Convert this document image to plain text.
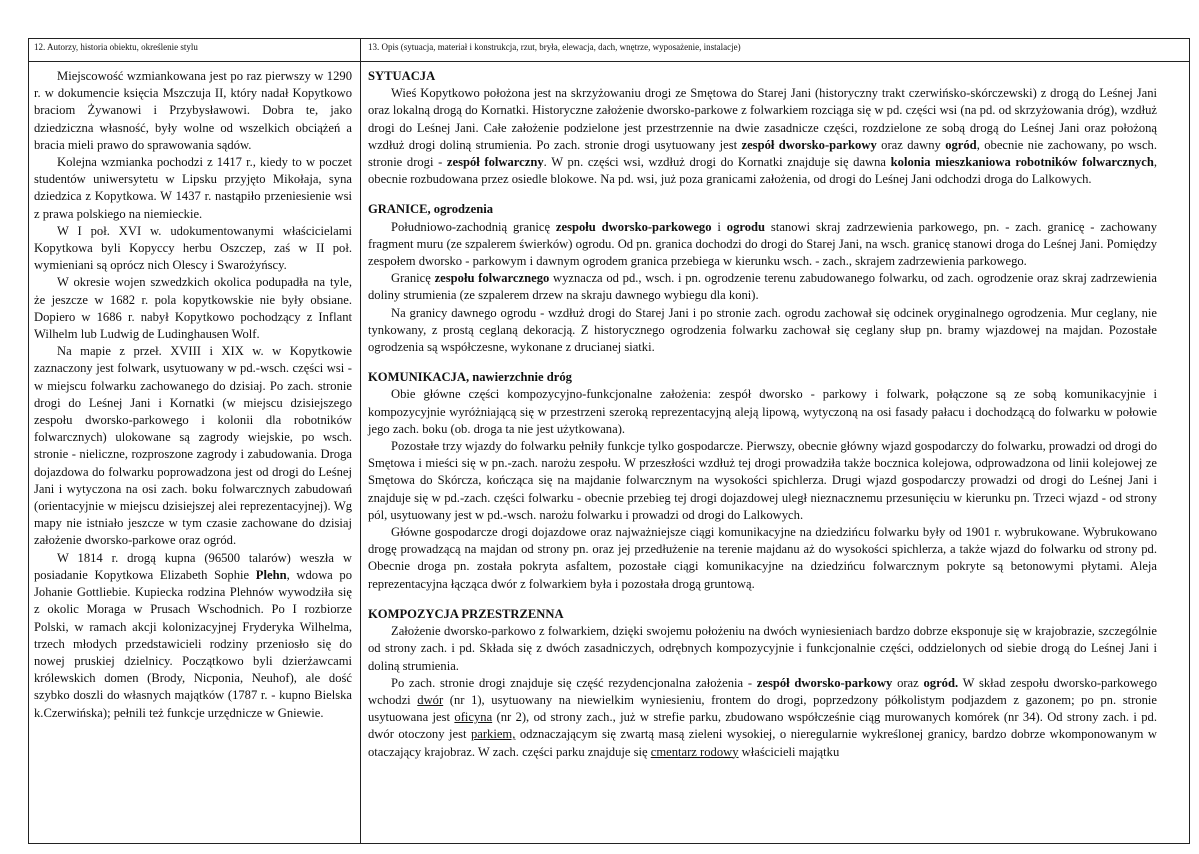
12. Autorzy, historia obiektu, określenie stylu	13. Opis (sytuacja, materiał i konstrukcja, rzut, bryła, elewacja, dach, wnętrze, wyposażenie, instalacje)

Miejscowość wzmiankowana jest po raz pierwszy w 1290 r. w dokumencie księcia Mszczuja II, który nadał Kopytkowo braciom Żywanowi i Przybysławowi. Dobra te, jako dziedziczna własność, były wolne od wszelkich obciążeń a bracia mieli prawo do sprawowania sądów.

Kolejna wzmianka pochodzi z 1417 r., kiedy to w poczet studentów uniwersytetu w Lipsku przyjęto Mikołaja, syna dziedzica z Kopytkowa. W 1437 r. nastąpiło przeniesienie wsi z prawa polskiego na niemieckie.

W I poł. XVI w. udokumentowanymi właścicielami Kopytkowa byli Kopyccy herbu Oszczep, zaś w II poł. wymieniani są oprócz nich Olescy i Swarożyńscy.

W okresie wojen szwedzkich okolica podupadła na tyle, że jeszcze w 1682 r. pola kopytkowskie nie były obsiane. Dopiero w 1686 r. nabył Kopytkowo pochodzący z Inflant Wilhelm lub Ludwig de Ludinghausen Wolf.

Na mapie z przeł. XVIII i XIX w. w Kopytkowie zaznaczony jest folwark, usytuowany w pd.-wsch. części wsi - w miejscu folwarku zachowanego do dzisiaj. Po zach. stronie drogi do Leśnej Jani i Kornatki (w miejscu dzisiejszego zespołu dworsko-parkowego i kolonii dla robotników folwarcznych) ulokowane są zagrody wiejskie, po wsch. stronie - nieliczne, rozproszone zagrody i zabudowania. Droga dojazdowa do folwarku poprowadzona jest od drogi do Leśnej Jani i wytyczona na osi zach. boku folwarcznych zabudowań (orientacyjnie w miejscu dzisiejszej alei reprezentacyjnej). Wg mapy nie istniało jeszcze w tym czasie zachowane do dzisiaj założenie dworsko-parkowe oraz ogród.

W 1814 r. drogą kupna (96500 talarów) weszła w posiadanie Kopytkowa Elizabeth Sophie Plehn, wdowa po Johanie Gottliebie. Kupiecka rodzina Plehnów wywodziła się z okolic Moraga w Prusach Wschodnich. Po I rozbiorze Polski, w ramach akcji kolonizacyjnej Fryderyka Wilhelma, trzech młodych przedstawicieli rodziny przeniosło się do nowej pruskiej dzielnicy. Początkowo byli dzierżawcami królewskich domen (Brody, Nicponia, Neuhof), ale dość szybko doszli do własnych majątków (1787 r. - kupno Bielska k.Czerwińska); pełnili też funkcje urzędnicze w Gniewie.

SYTUACJA

Wieś Kopytkowo położona jest na skrzyżowaniu drogi ze Smętowa do Starej Jani (historyczny trakt czerwińsko-skórczewski) z drogą do Leśnej Jani oraz lokalną drogą do Kornatki. Historyczne założenie dworsko-parkowe z folwarkiem rozciąga się w pd. części wsi (na pd. od skrzyżowania dróg), wzdłuż drogi do Leśnej Jani. Całe założenie podzielone jest przestrzennie na dwie zasadnicze części, rozdzielone ze sobą drogą do Leśnej Jani oraz położoną wzdłuż drogi doliną strumienia. Po zach. stronie drogi usytuowany jest zespół dworsko-parkowy oraz dawny ogród, obecnie nie zachowany, po wsch. stronie drogi - zespół folwarczny. W pn. części wsi, wzdłuż drogi do Kornatki znajduje się dawna kolonia mieszkaniowa robotników folwarcznych, obecnie rozbudowana przez osiedle blokowe. Na pd. wsi, już poza granicami założenia, od drogi do Leśnej Jani odchodzi droga do Lalkowych.

GRANICE, ogrodzenia

Południowo-zachodnią granicę zespołu dworsko-parkowego i ogrodu stanowi skraj zadrzewienia parkowego, pn. - zach. granicę - zachowany fragment muru (ze szpalerem świerków) ogrodu. Od pn. granica dochodzi do drogi do Starej Jani, na wsch. granicę stanowi droga do Leśnej Jani. Pomiędzy zespołem dworsko - parkowym i dawnym ogrodem granica przebiega w kierunku wsch. - zach., skrajem zadrzewienia parkowego.

Granicę zespołu folwarcznego wyznacza od pd., wsch. i pn. ogrodzenie terenu zabudowanego folwarku, od zach. ogrodzenie oraz skraj zadrzewienia doliny strumienia (ze szpalerem drzew na skraju dawnego wybiegu dla koni).

Na granicy dawnego ogrodu - wzdłuż drogi do Starej Jani i po stronie zach. ogrodu zachował się odcinek oryginalnego ogrodzenia. Mur ceglany, nie tynkowany, z prostą ceglaną dekoracją. Z historycznego ogrodzenia folwarku zachował się ceglany słup pn. bramy wjazdowej na majdan. Pozostałe ogrodzenia są współczesne, wykonane z drucianej siatki.

KOMUNIKACJA, nawierzchnie dróg

Obie główne części kompozycyjno-funkcjonalne założenia: zespół dworsko - parkowy i folwark, połączone są ze sobą komunikacyjnie i kompozycyjnie wyróżniającą się w przestrzeni szeroką reprezentacyjną aleją lipową, wytyczoną na osi fasady pałacu i dochodzącą do folwarku w połowie jego zach. boku (ob. droga ta nie jest użytkowana).

Pozostałe trzy wjazdy do folwarku pełniły funkcje tylko gospodarcze. Pierwszy, obecnie główny wjazd gospodarczy do folwarku, prowadzi od drogi do Smętowa i mieści się w pn.-zach. narożu zespołu. W przeszłości wzdłuż tej drogi prowadziła także bocznica kolejowa, odprowadzona od linii kolejowej ze Smętowa do Skórcza, kończąca się na majdanie folwarcznym na wysokości spichlerza. Drugi wjazd gospodarczy prowadzi od drogi do Leśnej Jani i znajduje się w pd.-zach. części folwarku - obecnie przebieg tej drogi dojazdowej uległ nieznacznemu przesunięciu w kierunku pn. Trzeci wjazd - od strony pól, usytuowany jest w pd.-wsch. narożu folwarku i prowadzi od drogi do Lalkowych.

Główne gospodarcze drogi dojazdowe oraz najważniejsze ciągi komunikacyjne na dziedzińcu folwarku były od 1901 r. wybrukowane. Wybrukowano drogę prowadzącą na majdan od strony pn. oraz jej przedłużenie na terenie majdanu aż do wysokości spichlerza, a także wjazd do folwarku od strony pd. Obecnie droga pn. została pokryta asfaltem, pozostałe ciągi komunikacyjne na dziedzińcu folwarcznym pokryte są betonowymi płytami. Aleja reprezentacyjna łącząca dwór z folwarkiem była i pozostała drogą gruntową.

KOMPOZYCJA PRZESTRZENNA

Założenie dworsko-parkowo z folwarkiem, dzięki swojemu położeniu na dwóch wyniesieniach bardzo dobrze eksponuje się w krajobrazie, szczególnie od strony zach. i pd. Składa się z dwóch zasadniczych, odrębnych kompozycyjnie i funkcjonalnie części, oddzielonych od siebie drogą do Leśnej Jani i doliną strumienia.

Po zach. stronie drogi znajduje się część rezydencjonalna założenia - zespół dworsko-parkowy oraz ogród. W skład zespołu dworsko-parkowego wchodzi dwór (nr 1), usytuowany na niewielkim wyniesieniu, frontem do drogi, poprzedzony półkolistym podjazdem z gazonem; po pn. stronie usytuowana jest oficyna (nr 2), od strony zach., już w strefie parku, zbudowano współcześnie ciąg murowanych komórek (nr 34). Od strony zach. i pd. dwór otoczony jest parkiem, odznaczającym się zwartą masą zieleni wysokiej, o nieregularnie wykreślonej granicy, bardzo dobrze wkomponowanym w otaczający krajobraz. W zach. części parku znajduje się cmentarz rodowy właścicieli majątku
